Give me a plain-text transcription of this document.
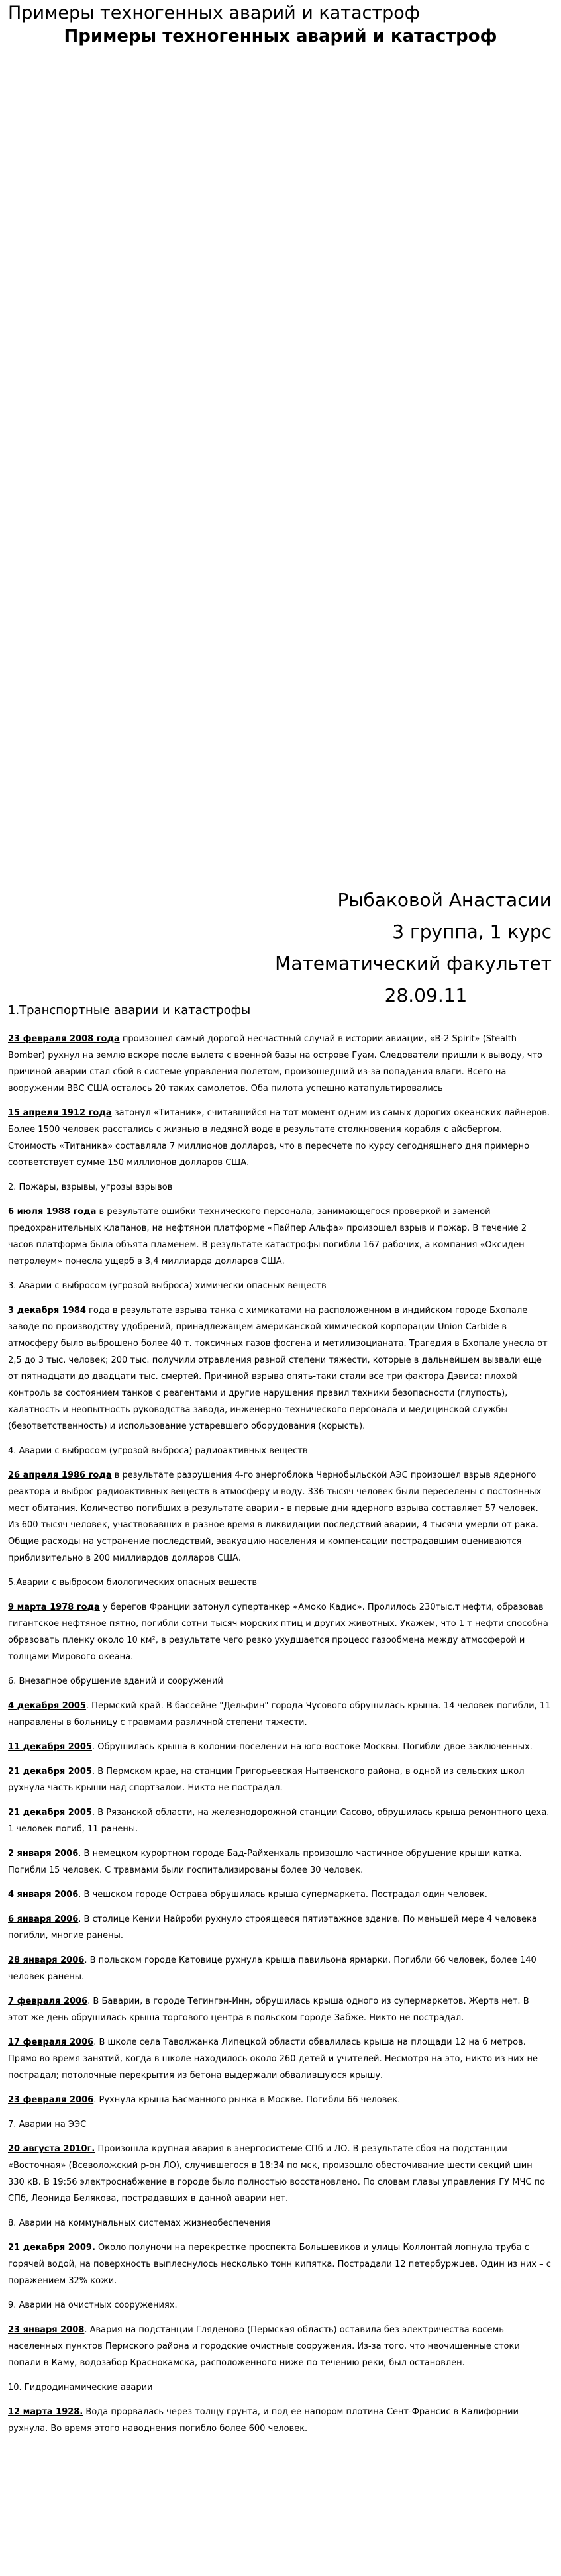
Примеры техногенных аварий и катастроф
Примеры техногенных аварий и катастроф
Рыбаковой Анастасии
3 группа, 1 курс
Математический факультет
28.09.11

1.Транспортные аварии и катастрофы

23 февраля 2008 года произошел самый дорогой несчастный случай в истории авиации, «В-2 Spirit» (Stealth Bomber) рухнул на землю вскоре после вылета с военной базы на острове Гуам. Следователи пришли к выводу, что причиной аварии стал сбой в системе управления полетом, произошедший из-за попадания влаги. Всего на вооружении ВВС США осталось 20 таких самолетов. Оба пилота успешно катапультировались

15 апреля 1912 года затонул «Титаник», считавшийся на тот момент одним из самых дорогих океанских лайнеров. Более 1500 человек расстались с жизнью в ледяной воде в результате столкновения корабля с айсбергом. Стоимость «Титаника» составляла 7 миллионов долларов, что в пересчете по курсу сегодняшнего дня примерно соответствует сумме 150 миллионов долларов США.

2. Пожары, взрывы, угрозы взрывов

6 июля 1988 года в результате ошибки технического персонала, занимающегося проверкой и заменой предохранительных клапанов, на нефтяной платформе «Пайпер Альфа» произошел взрыв и пожар. В течение 2 часов платформа была объята пламенем. В результате катастрофы погибли 167 рабочих, а компания «Оксиден петролеум» понесла ущерб в 3,4 миллиарда долларов США.

3. Аварии с выбросом (угрозой выброса) химически опасных веществ

3 декабря 1984 года в результате взрыва танка с химикатами на расположенном в индийском городе Бхопале заводе по производству удобрений, принадлежащем американской химической корпорации Union Carbide в атмосферу было выброшено более 40 т. токсичных газов фосгена и метилизоцианата. Трагедия в Бхопале унесла от 2,5 до 3 тыс. человек; 200 тыс. получили отравления разной степени тяжести, которые в дальнейшем вызвали еще от пятнадцати до двадцати тыс. смертей. Причиной взрыва опять-таки стали все три фактора Дэвиса: плохой контроль за состоянием танков с реагентами и другие нарушения правил техники безопасности (глупость), халатность и неопытность руководства завода, инженерно-технического персонала и медицинской службы (безответственность) и использование устаревшего оборудования (корысть).

4. Аварии с выбросом (угрозой выброса) радиоактивных веществ

26 апреля 1986 года в результате разрушения 4-го энергоблока Чернобыльской АЭС произошел взрыв ядерного реактора и выброс радиоактивных веществ в атмосферу и воду. 336 тысяч человек были переселены с постоянных мест обитания. Количество погибших в результате аварии - в первые дни ядерного взрыва составляет 57 человек. Из 600 тысяч человек, участвовавших в разное время в ликвидации последствий аварии, 4 тысячи умерли от рака. Общие расходы на устранение последствий, эвакуацию населения и компенсации пострадавшим оцениваются приблизительно в 200 миллиардов долларов США.

5.Аварии с выбросом биологических опасных веществ

9 марта 1978 года у берегов Франции затонул супертанкер «Амоко Кадис». Пролилось 230тыс.т нефти, образовав гигантское нефтяное пятно, погибли сотни тысяч морских птиц и других животных. Укажем, что 1 т нефти способна образовать пленку около 10 км², в результате чего резко ухудшается процесс газообмена между атмосферой и толщами Мирового океана.

6. Внезапное обрушение зданий и сооружений

4 декабря 2005. Пермский край. В бассейне "Дельфин" города Чусового обрушилась крыша. 14 человек погибли, 11 направлены в больницу с травмами различной степени тяжести.

11 декабря 2005. Обрушилась крыша в колонии-поселении на юго-востоке Москвы. Погибли двое заключенных.

21 декабря 2005. В Пермском крае, на станции Григорьевская Нытвенского района, в одной из сельских школ рухнула часть крыши над спортзалом. Никто не пострадал.

21 декабря 2005. В Рязанской области, на железнодорожной станции Сасово, обрушилась крыша ремонтного цеха. 1 человек погиб, 11 ранены.

2 января 2006. В немецком курортном городе Бад-Райхенхаль произошло частичное обрушение крыши катка. Погибли 15 человек. С травмами были госпитализированы более 30 человек.

4 января 2006. В чешском городе Острава обрушилась крыша супермаркета. Пострадал один человек.

6 января 2006. В столице Кении Найроби рухнуло строящееся пятиэтажное здание. По меньшей мере 4 человека погибли, многие ранены.

28 января 2006. В польском городе Катовице рухнула крыша павильона ярмарки. Погибли 66 человек, более 140 человек ранены.

7 февраля 2006. В Баварии, в городе Тегингэн-Инн, обрушилась крыша одного из супермаркетов. Жертв нет. В этот же день обрушилась крыша торгового центра в польском городе Забже. Никто не пострадал.

17 февраля 2006. В школе села Таволжанка Липецкой области обвалилась крыша на площади 12 на 6 метров. Прямо во время занятий, когда в школе находилось около 260 детей и учителей. Несмотря на это, никто из них не пострадал; потолочные перекрытия из бетона выдержали обвалившуюся крышу.

23 февраля 2006. Рухнула крыша Басманного рынка в Москве. Погибли 66 человек.

7. Аварии на ЭЭС

20 августа 2010г. Произошла крупная авария в энергосистеме СПб и ЛО. В результате сбоя на подстанции «Восточная» (Всеволожский р-он ЛО), случившегося в 18:34 по мск, произошло обесточивание шести секций шин 330 кВ. В 19:56 электроснабжение в городе было полностью восстановлено. По словам главы управления ГУ МЧС по СПб, Леонида Белякова, пострадавших в данной аварии нет.

8. Аварии на коммунальных системах жизнеобеспечения

21 декабря 2009. Около полуночи на перекрестке проспекта Большевиков и улицы Коллонтай лопнула труба с горячей водой, на поверхность выплеснулось несколько тонн кипятка. Пострадали 12 петербуржцев. Один из них – с поражением 32% кожи.

9. Аварии на очистных сооружениях.

23 января 2008. Авария на подстанции Гляденово (Пермская область) оставила без электричества восемь населенных пунктов Пермского района и городские очистные сооружения. Из-за того, что неочищенные стоки попали в Каму, водозабор Краснокамска, расположенного ниже по течению реки, был остановлен.

10. Гидродинамические аварии

12 марта 1928. Вода прорвалась через толщу грунта, и под ее напором плотина Сент-Франсис в Калифорнии рухнула. Во время этого наводнения погибло более 600 человек.
